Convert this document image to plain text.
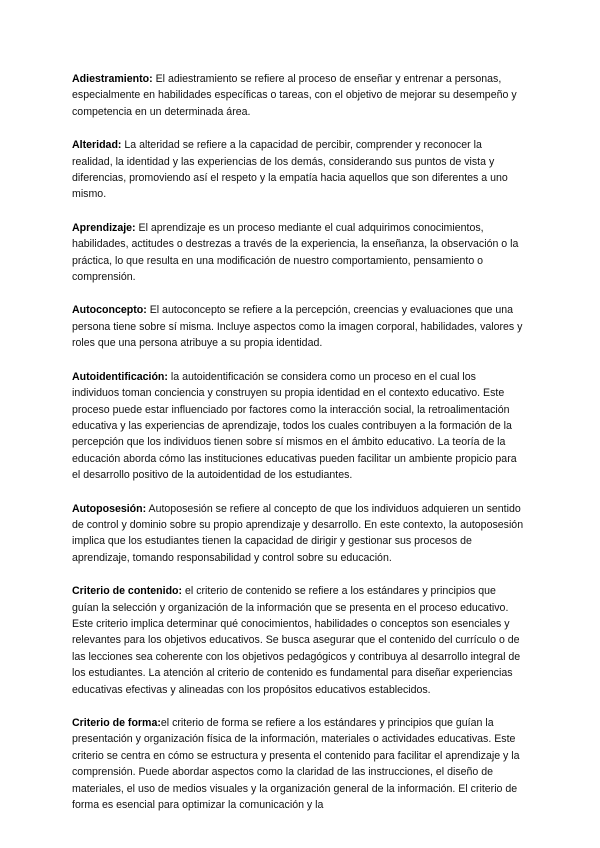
Adiestramiento: El adiestramiento se refiere al proceso de enseñar y entrenar a personas, especialmente en habilidades específicas o tareas, con el objetivo de mejorar su desempeño y competencia en un determinada área.

Alteridad: La alteridad se refiere a la capacidad de percibir, comprender y reconocer la realidad, la identidad y las experiencias de los demás, considerando sus puntos de vista y diferencias, promoviendo así el respeto y la empatía hacia aquellos que son diferentes a uno mismo.

Aprendizaje: El aprendizaje es un proceso mediante el cual adquirimos conocimientos, habilidades, actitudes o destrezas a través de la experiencia, la enseñanza, la observación o la práctica, lo que resulta en una modificación de nuestro comportamiento, pensamiento o comprensión.

Autoconcepto: El autoconcepto se refiere a la percepción, creencias y evaluaciones que una persona tiene sobre sí misma. Incluye aspectos como la imagen corporal, habilidades, valores y roles que una persona atribuye a su propia identidad.

Autoidentificación: la autoidentificación se considera como un proceso en el cual los individuos toman conciencia y construyen su propia identidad en el contexto educativo. Este proceso puede estar influenciado por factores como la interacción social, la retroalimentación educativa y las experiencias de aprendizaje, todos los cuales contribuyen a la formación de la percepción que los individuos tienen sobre sí mismos en el ámbito educativo. La teoría de la educación aborda cómo las instituciones educativas pueden facilitar un ambiente propicio para el desarrollo positivo de la autoidentidad de los estudiantes.

Autoposesión: Autoposesión se refiere al concepto de que los individuos adquieren un sentido de control y dominio sobre su propio aprendizaje y desarrollo. En este contexto, la autoposesión implica que los estudiantes tienen la capacidad de dirigir y gestionar sus procesos de aprendizaje, tomando responsabilidad y control sobre su educación.

Criterio de contenido: el criterio de contenido se refiere a los estándares y principios que guían la selección y organización de la información que se presenta en el proceso educativo. Este criterio implica determinar qué conocimientos, habilidades o conceptos son esenciales y relevantes para los objetivos educativos. Se busca asegurar que el contenido del currículo o de las lecciones sea coherente con los objetivos pedagógicos y contribuya al desarrollo integral de los estudiantes. La atención al criterio de contenido es fundamental para diseñar experiencias educativas efectivas y alineadas con los propósitos educativos establecidos.

Criterio de forma:el criterio de forma se refiere a los estándares y principios que guían la presentación y organización física de la información, materiales o actividades educativas. Este criterio se centra en cómo se estructura y presenta el contenido para facilitar el aprendizaje y la comprensión. Puede abordar aspectos como la claridad de las instrucciones, el diseño de materiales, el uso de medios visuales y la organización general de la información. El criterio de forma es esencial para optimizar la comunicación y la
